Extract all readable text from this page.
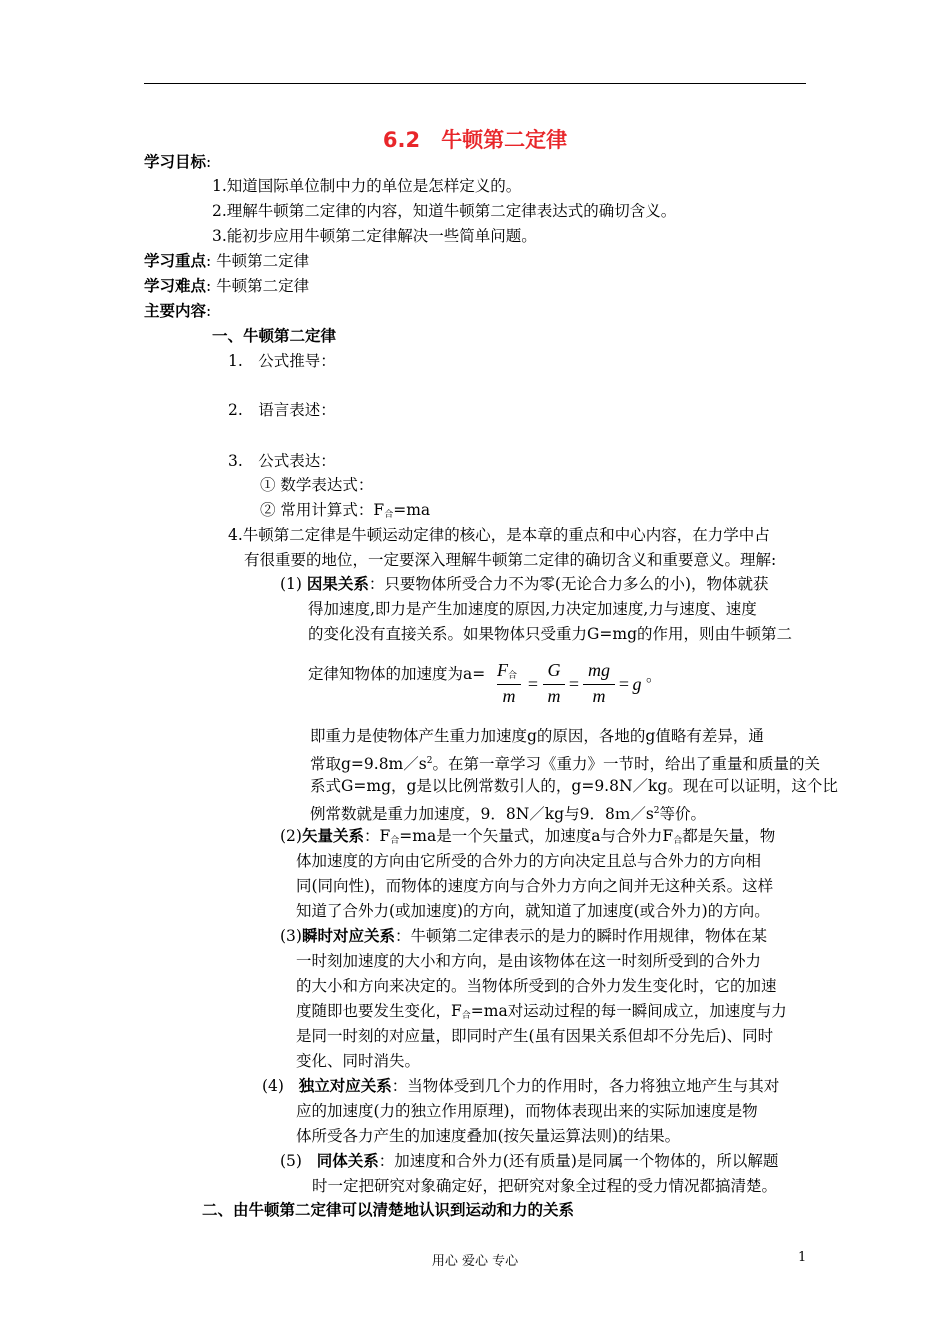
6.2　牛顿第二定律
学习目标:
1.知道国际单位制中力的单位是怎样定义的。
2.理解牛顿第二定律的内容，知道牛顿第二定律表达式的确切含义。
3.能初步应用牛顿第二定律解决一些简单问题。
学习重点: 牛顿第二定律
学习难点: 牛顿第二定律
主要内容:
一、牛顿第二定律
1.　公式推导：
2.　语言表述：
3.　公式表达：
① 数学表达式：
② 常用计算式：$F_合=ma$
4.牛顿第二定律是牛顿运动定律的核心，是本章的重点和中心内容，在力学中占
有很重要的地位，一定要深入理解牛顿第二定律的确切含义和重要意义。理解:
(1) 因果关系：只要物体所受合力不为零(无论合力多么的小)，物体就获
得加速度,即力是产生加速度的原因,力决定加速度,力与速度、速度
的变化没有直接关系。如果物体只受重力G=mg的作用，则由牛顿第二
定律知物体的加速度为$a= F_合$
m
=
G
m
=
mg
m
= g 。
即重力是使物体产生重力加速度g的原因，各地的g值略有差异，通
常取$g=9.8m/s^2$。在第一章学习《重力》一节时，给出了重量和质量的关
系式G=mg，g是以比例常数引人的，g=9.8N／kg。现在可以证明，这个比
例常数就是重力加速度，9．8N／kg与9．$8m/s^2$等价。
(2)矢量关系：$F_合=ma$是一个矢量式，加速度a与合外力$F_合$都是矢量，物
体加速度的方向由它所受的合外力的方向决定且总与合外力的方向相
同(同向性)，而物体的速度方向与合外力方向之间并无这种关系。这样
知道了合外力(或加速度)的方向，就知道了加速度(或合外力)的方向。
(3)瞬时对应关系：牛顿第二定律表示的是力的瞬时作用规律，物体在某
一时刻加速度的大小和方向，是由该物体在这一时刻所受到的合外力
的大小和方向来决定的。当物体所受到的合外力发生变化时，它的加速
度随即也要发生变化，$F_合=ma$对运动过程的每一瞬间成立，加速度与力
是同一时刻的对应量，即同时产生(虽有因果关系但却不分先后)、同时
变化、同时消失。
(4) 独立对应关系：当物体受到几个力的作用时，各力将独立地产生与其对
应的加速度(力的独立作用原理)，而物体表现出来的实际加速度是物
体所受各力产生的加速度叠加(按矢量运算法则)的结果。
(5) 同体关系：加速度和合外力(还有质量)是同属一个物体的，所以解题
时一定把研究对象确定好，把研究对象全过程的受力情况都搞清楚。
二、由牛顿第二定律可以清楚地认识到运动和力的关系
用心 爱心 专心	1
